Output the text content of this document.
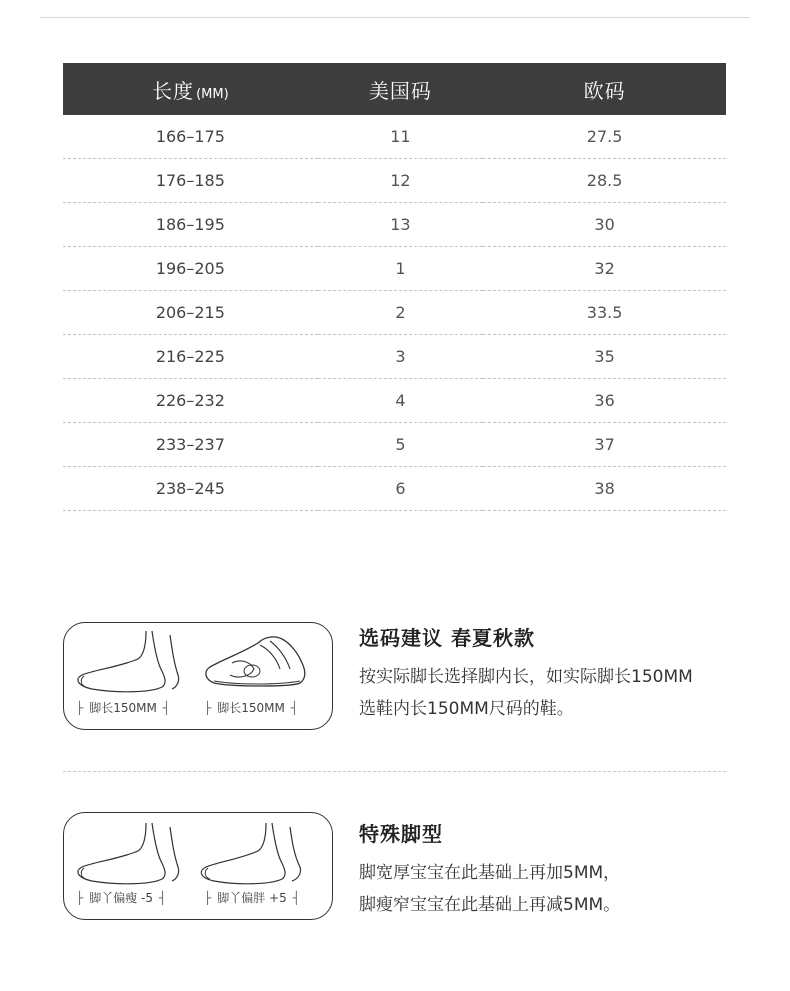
长度 (MM)	美国码	欧码
166–175	11	27.5
176–185	12	28.5
186–195	13	30
196–205	1	32
206–215	2	33.5
216–225	3	35
226–232	4	36
233–237	5	37
238–245	6	38
├ 脚长150MM ┤	├ 脚长150MM ┤
选码建议 春夏秋款
按实际脚长选择脚内长，如实际脚长150MM
选鞋内长150MM尺码的鞋。
├ 脚丫偏瘦 -5 ┤	├ 脚丫偏胖 +5 ┤
特殊脚型
脚宽厚宝宝在此基础上再加5MM，
脚瘦窄宝宝在此基础上再减5MM。
